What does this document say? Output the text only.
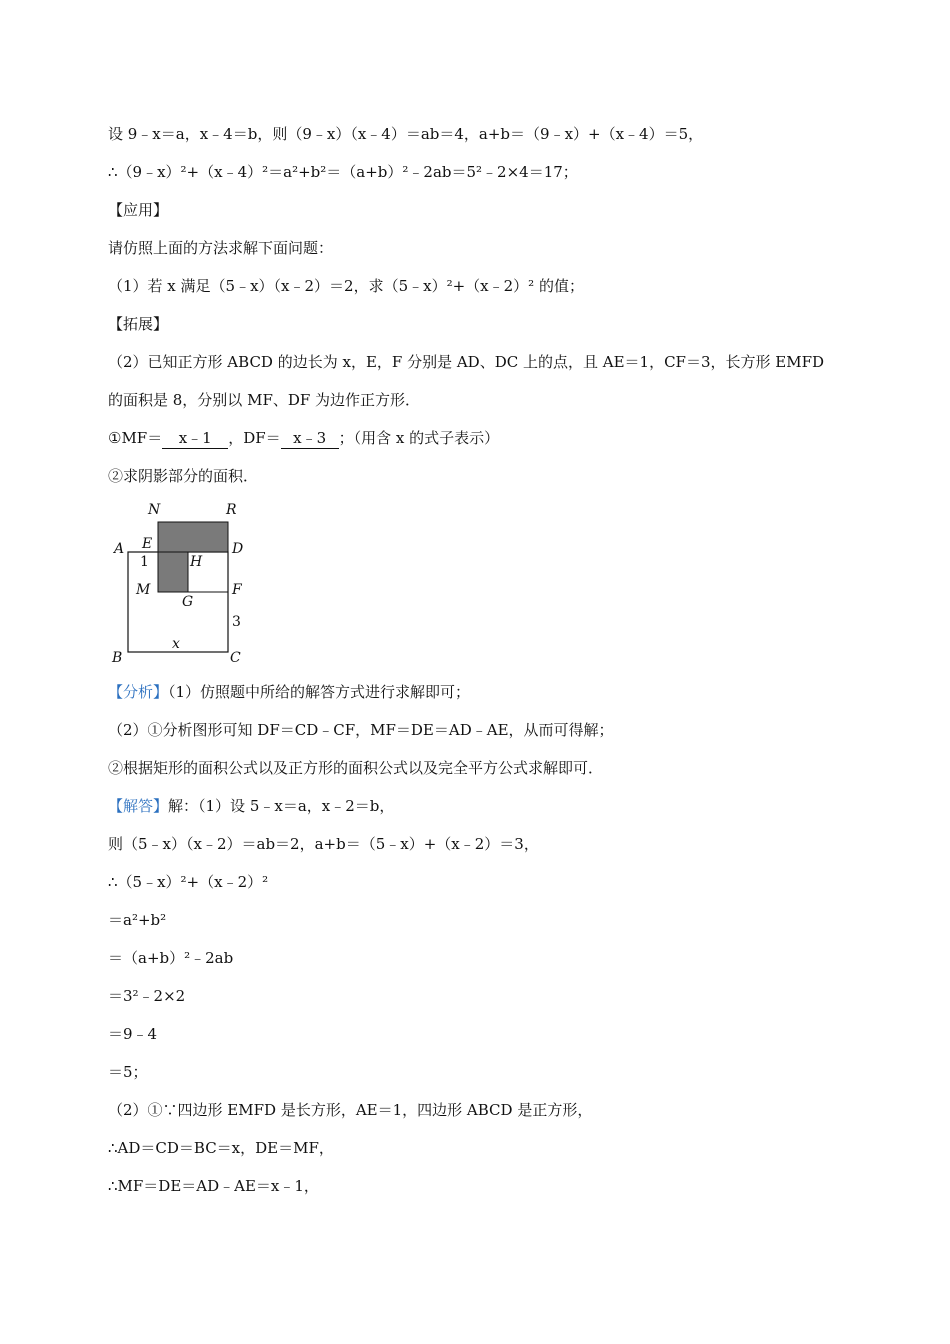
设 9﹣x＝a，x﹣4＝b，则（9﹣x）（x﹣4）＝ab＝4，a+b＝（9﹣x）+（x﹣4）＝5，
∴（9﹣x）²+（x﹣4）²＝a²+b²＝（a+b）²﹣2ab＝5²﹣2×4＝17；
【应用】
请仿照上面的方法求解下面问题：
（1）若 x 满足（5﹣x）（x﹣2）＝2，求（5﹣x）²+（x﹣2）² 的值；
【拓展】
（2）已知正方形 ABCD 的边长为 x，E，F 分别是 AD、DC 上的点，且 AE＝1，CF＝3，长方形 EMFD
的面积是 8，分别以 MF、DF 为边作正方形．
①MF＝ x﹣1 ，DF＝ x﹣3 ；（用含 x 的式子表示）
②求阴影部分的面积．
N	R
A E	D
H
1
M	F
G
3
x
B	C
【分析】（1）仿照题中所给的解答方式进行求解即可；
（2）①分析图形可知 DF＝CD﹣CF，MF＝DE＝AD﹣AE，从而可得解；
②根据矩形的面积公式以及正方形的面积公式以及完全平方公式求解即可．
【解答】解：（1）设 5﹣x＝a，x﹣2＝b，
则（5﹣x）（x﹣2）＝ab＝2，a+b＝（5﹣x）+（x﹣2）＝3，
∴（5﹣x）²+（x﹣2）²
＝a²+b²
＝（a+b）²﹣2ab
＝3²﹣2×2
＝9﹣4
＝5；
（2）①∵四边形 EMFD 是长方形，AE＝1，四边形 ABCD 是正方形，
∴AD＝CD＝BC＝x，DE＝MF，
∴MF＝DE＝AD﹣AE＝x﹣1，
